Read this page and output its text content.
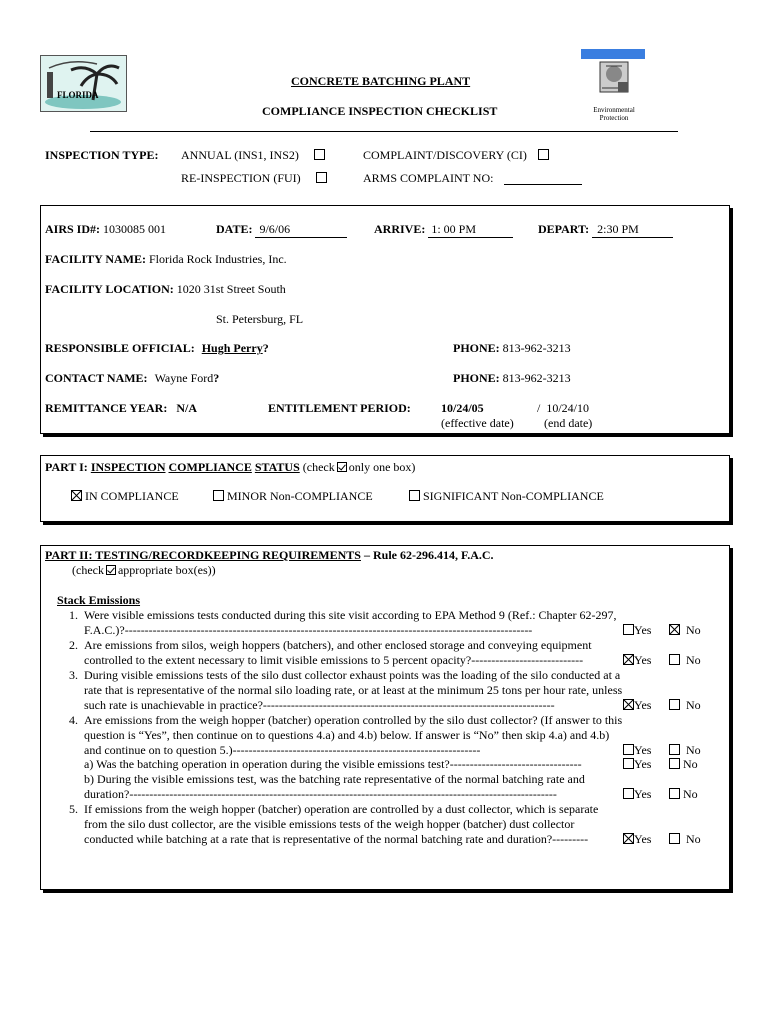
FLORIDA
Environmental Protection
CONCRETE BATCHING PLANT
COMPLIANCE INSPECTION CHECKLIST
INSPECTION TYPE: ANNUAL (INS1, INS2)	COMPLAINT/DISCOVERY (CI)
RE-INSPECTION (FUI)	ARMS COMPLAINT NO:
AIRS ID#: 1030085 001	DATE: 9/6/06	ARRIVE: 1: 00 PM	DEPART: 2:30 PM
FACILITY NAME: Florida Rock Industries, Inc.
FACILITY LOCATION: 1020 31st Street South
St. Petersburg, FL
RESPONSIBLE OFFICIAL: Hugh Perry?	PHONE: 813-962-3213
CONTACT NAME: Wayne Ford?	PHONE: 813-962-3213
REMITTANCE YEAR: N/A	ENTITLEMENT PERIOD:	10/24/05	/ 10/24/10
(effective date)	(end date)
PART I: INSPECTION COMPLIANCE STATUS (check only one box)
IN COMPLIANCE	MINOR Non-COMPLIANCE	SIGNIFICANT Non-COMPLIANCE
PART II: TESTING/RECORDKEEPING REQUIREMENTS – Rule 62-296.414, F.A.C.
(check appropriate box(es))
Stack Emissions
1. Were visible emissions tests conducted during this site visit according to EPA Method 9 (Ref.: Chapter 62-297, F.A.C.)?------------------------------------------------------------------------------------------------------	Yes	No
2. Are emissions from silos, weigh hoppers (batchers), and other enclosed storage and conveying equipment controlled to the extent necessary to limit visible emissions to 5 percent opacity?----------------------------	Yes	No
3. During visible emissions tests of the silo dust collector exhaust points was the loading of the silo conducted at a rate that is representative of the normal silo loading rate, or at least at the minimum 25 tons per hour rate, unless such rate is unachievable in practice?-------------------------------------------------------------------------	Yes	No
4. Are emissions from the weigh hopper (batcher) operation controlled by the silo dust collector? (If answer to this question is “Yes”, then continue on to questions 4.a) and 4.b) below. If answer is “No” then skip 4.a) and 4.b) and continue on to question 5.)--------------------------------------------------------------	Yes	No
a) Was the batching operation in operation during the visible emissions test?---------------------------------	Yes	No
b) During the visible emissions test, was the batching rate representative of the normal batching rate and duration?-----------------------------------------------------------------------------------------------------------	Yes	No
5. If emissions from the weigh hopper (batcher) operation are controlled by a dust collector, which is separate from the silo dust collector, are the visible emissions tests of the weigh hopper (batcher) dust collector conducted while batching at a rate that is representative of the normal batching rate and duration?---------	Yes	No
